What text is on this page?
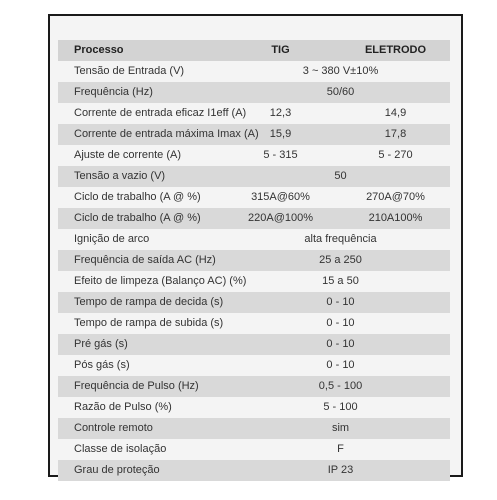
Processo	TIG	ELETRODO
Tensão de Entrada (V)	3 ~ 380 V±10%
Frequência (Hz)	50/60
Corrente de entrada eficaz I1eff (A)	12,3	14,9
Corrente de entrada máxima Imax (A)	15,9	17,8
Ajuste de corrente (A)	5 - 315	5 - 270
Tensão a vazio (V)	50
Ciclo de trabalho (A @ %)	315A@60%	270A@70%
Ciclo de trabalho (A @ %)	220A@100%	210A100%
Ignição de arco	alta frequência
Frequência de saída AC (Hz)	25 a 250
Efeito de limpeza (Balanço AC) (%)	15 a 50
Tempo de rampa de decida (s)	0 - 10
Tempo de rampa de subida (s)	0 - 10
Pré gás (s)	0 - 10
Pós gás (s)	0 - 10
Frequência de Pulso (Hz)	0,5 - 100
Razão de Pulso (%)	5 - 100
Controle remoto	sim
Classe de isolação	F
Grau de proteção	IP 23
